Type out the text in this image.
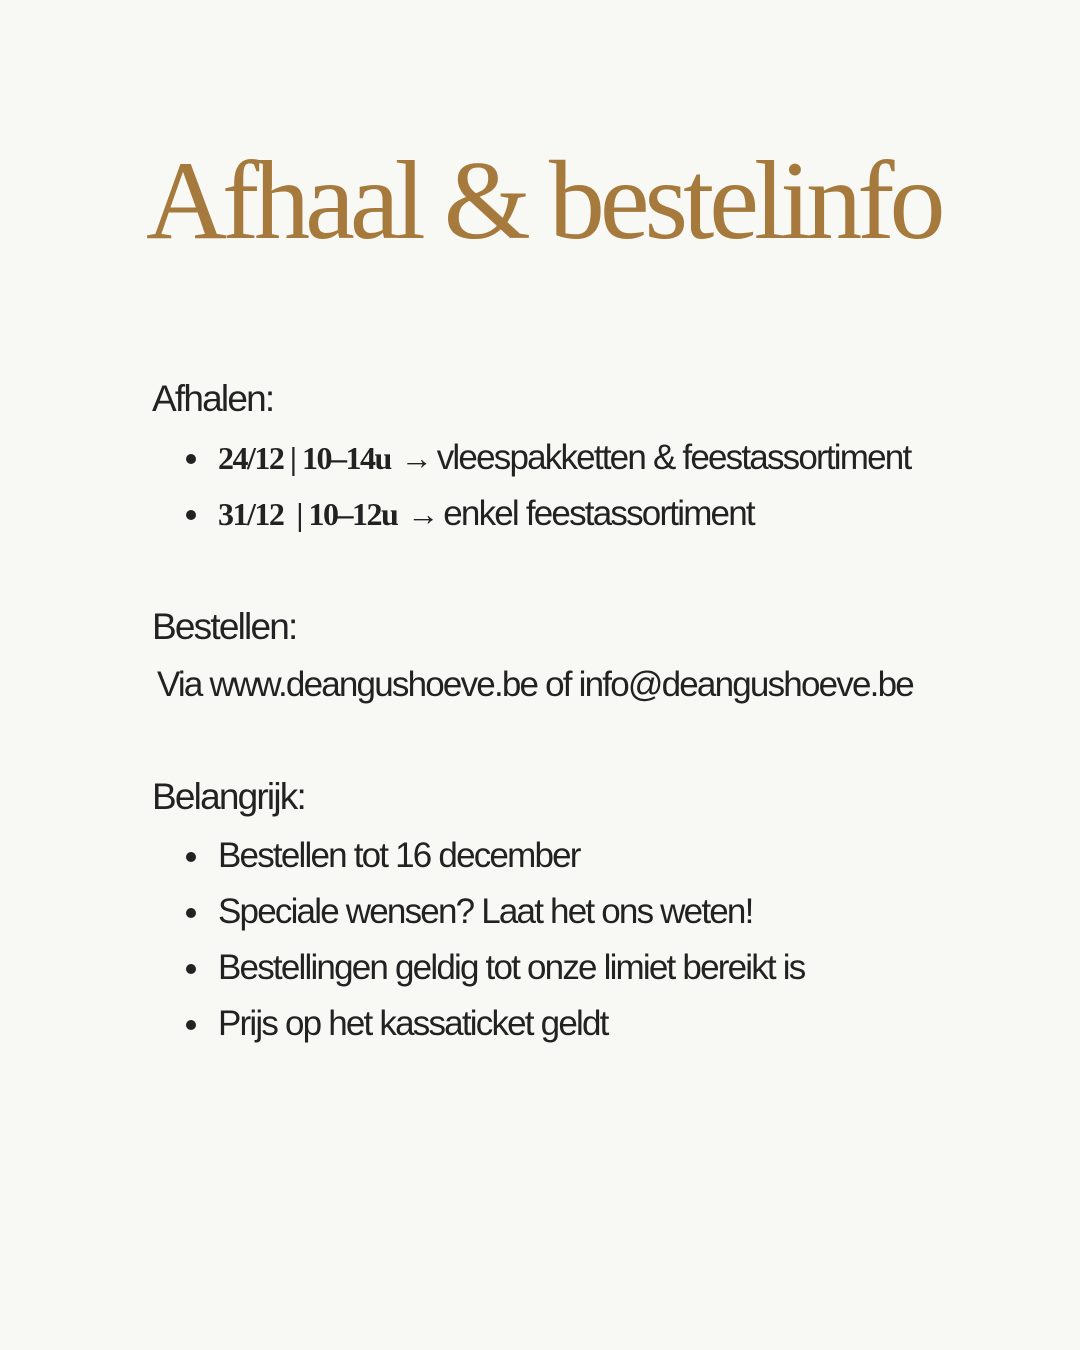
Afhaal & bestelinfo

Afhalen:

24/12 | 10–14u → vleespakketten & feestassortiment
31/12  | 10–12u → enkel feestassortiment

Bestellen:

Via www.deangushoeve.be of info@deangushoeve.be

Belangrijk:

Bestellen tot 16 december
Speciale wensen? Laat het ons weten!
Bestellingen geldig tot onze limiet bereikt is
Prijs op het kassaticket geldt
